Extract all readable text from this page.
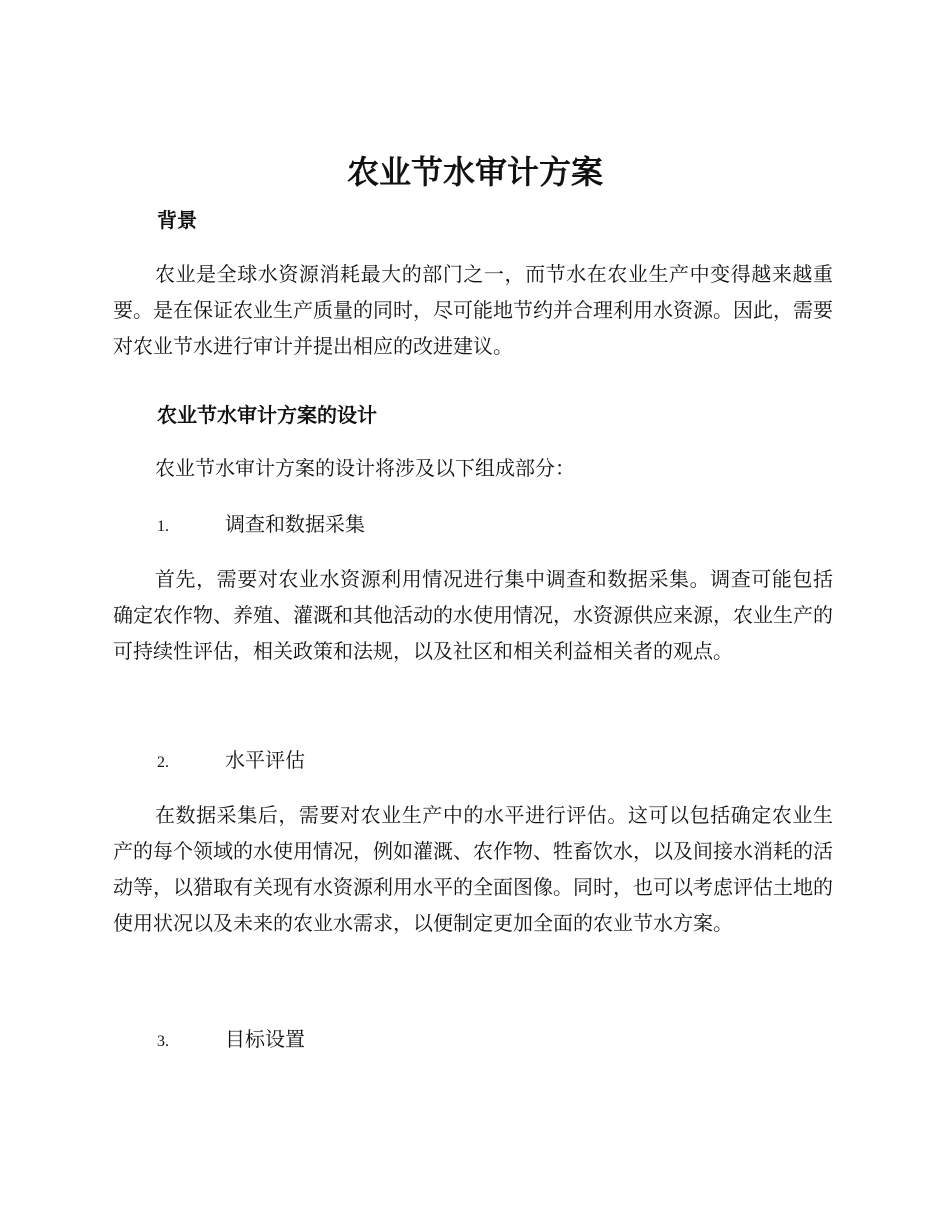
农业节水审计方案
背景

农业是全球水资源消耗最大的部门之一，而节水在农业生产中变得越来越重要。是在保证农业生产质量的同时，尽可能地节约并合理利用水资源。因此，需要对农业节水进行审计并提出相应的改进建议。

农业节水审计方案的设计

农业节水审计方案的设计将涉及以下组成部分：

1.	调查和数据采集

首先，需要对农业水资源利用情况进行集中调查和数据采集。调查可能包括确定农作物、养殖、灌溉和其他活动的水使用情况，水资源供应来源，农业生产的可持续性评估，相关政策和法规，以及社区和相关利益相关者的观点。

2.	水平评估

在数据采集后，需要对农业生产中的水平进行评估。这可以包括确定农业生产的每个领域的水使用情况，例如灌溉、农作物、牲畜饮水，以及间接水消耗的活动等，以猎取有关现有水资源利用水平的全面图像。同时，也可以考虑评估土地的使用状况以及未来的农业水需求，以便制定更加全面的农业节水方案。

3.	目标设置
